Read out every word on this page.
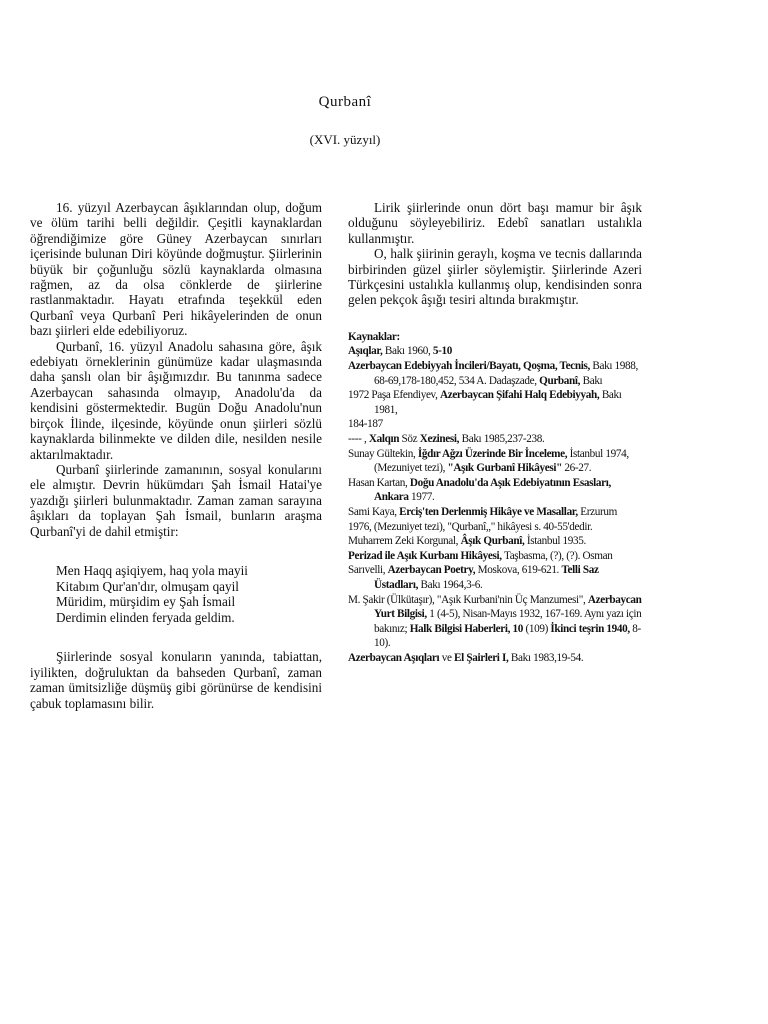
Qurbanî
(XVI. yüzyıl)

16. yüzyıl Azerbaycan âşıklarından olup, doğum ve ölüm tarihi belli değildir. Çeşitli kaynaklardan öğrendiğimize göre Güney Azerbaycan sınırları içerisinde bulunan Diri köyünde doğmuştur. Şiirlerinin büyük bir çoğunluğu sözlü kaynaklarda olmasına rağmen, az da olsa cönklerde de şiirlerine rastlanmaktadır. Hayatı etrafında teşekkül eden Qurbanî veya Qurbanî Peri hikâyelerinden de onun bazı şiirleri elde edebiliyoruz.

Qurbanî, 16. yüzyıl Anadolu sahasına göre, âşık edebiyatı örneklerinin günümüze kadar ulaşmasında daha şanslı olan bir âşığımızdır. Bu tanınma sadece Azerbaycan sahasında olmayıp, Anadolu'da da kendisini göstermektedir. Bugün Doğu Anadolu'nun birçok İlinde, ilçesinde, köyünde onun şiirleri sözlü kaynaklarda bilinmekte ve dilden dile, nesilden nesile aktarılmaktadır.

Qurbanî şiirlerinde zamanının, sosyal konularını ele almıştır. Devrin hükümdarı Şah İsmail Hatai'ye yazdığı şiirleri bulunmaktadır. Zaman zaman sarayına âşıkları da toplayan Şah İsmail, bunların araşma Qurbanî'yi de dahil etmiştir:

Men Haqq aşiqiyem, haq yola mayii
Kitabım Qur'an'dır, olmuşam qayil
Müridim, mürşidim ey Şah İsmail
Derdimin elinden feryada geldim.

Şiirlerinde sosyal konuların yanında, tabiattan, iyilikten, doğruluktan da bahseden Qurbanî, zaman zaman ümitsizliğe düşmüş gibi görünürse de kendisini çabuk toplamasını bilir.

Lirik şiirlerinde onun dört başı mamur bir âşık olduğunu söyleyebiliriz. Edebî sanatları ustalıkla kullanmıştır.

O, halk şiirinin geraylı, koşma ve tecnis dallarında birbirinden güzel şiirler söylemiştir. Şiirlerinde Azeri Türkçesini ustalıkla kullanmış olup, kendisinden sonra gelen pekçok âşığı tesiri altında bırakmıştır.

Kaynaklar:
Aşıqlar, Bakı 1960, 5-10
Azerbaycan Edebiyyah İncileri/Bayatı, Qoşma, Tecnis, Bakı 1988, 68-69,178-180,452, 534 A. Dadaşzade, Qurbanî, Bakı
1972 Paşa Efendiyev, Azerbaycan Şifahi Halq Edebiyyah, Bakı 1981,
184-187
---- , Xalqın Söz Xezinesi, Bakı 1985,237-238.
Sunay Gültekin, İğdır Ağzı Üzerinde Bir İnceleme, İstanbul 1974, (Mezuniyet tezi), "Aşık Gurbanî Hikâyesi" 26-27.
Hasan Kartan, Doğu Anadolu'da Aşık Edebiyatının Esasları, Ankara 1977.
Sami Kaya, Erciş'ten Derlenmiş Hikâye ve Masallar, Erzurum
1976, (Mezuniyet tezi), "Qurbanî,," hikâyesi s. 40-55'dedir.
Muharrem Zeki Korgunal, Âşık Qurbanî, İstanbul 1935.
Perizad ile Aşık Kurbanı Hikâyesi, Taşbasma, (?), (?). Osman
Sarıvelli, Azerbaycan Poetry, Moskova, 619-621. Telli Saz Üstadları, Bakı 1964,3-6.
M. Şakir (Ülkütaşır), "Aşık Kurbani'nin Üç Manzumesi", Azerbaycan Yurt Bilgisi, 1 (4-5), Nisan-Mayıs 1932, 167-169. Aynı yazı için bakınız; Halk Bilgisi Haberleri, 10 (109) İkinci teşrin 1940, 8-10).
Azerbaycan Aşıqları ve El Şairleri I, Bakı 1983,19-54.
